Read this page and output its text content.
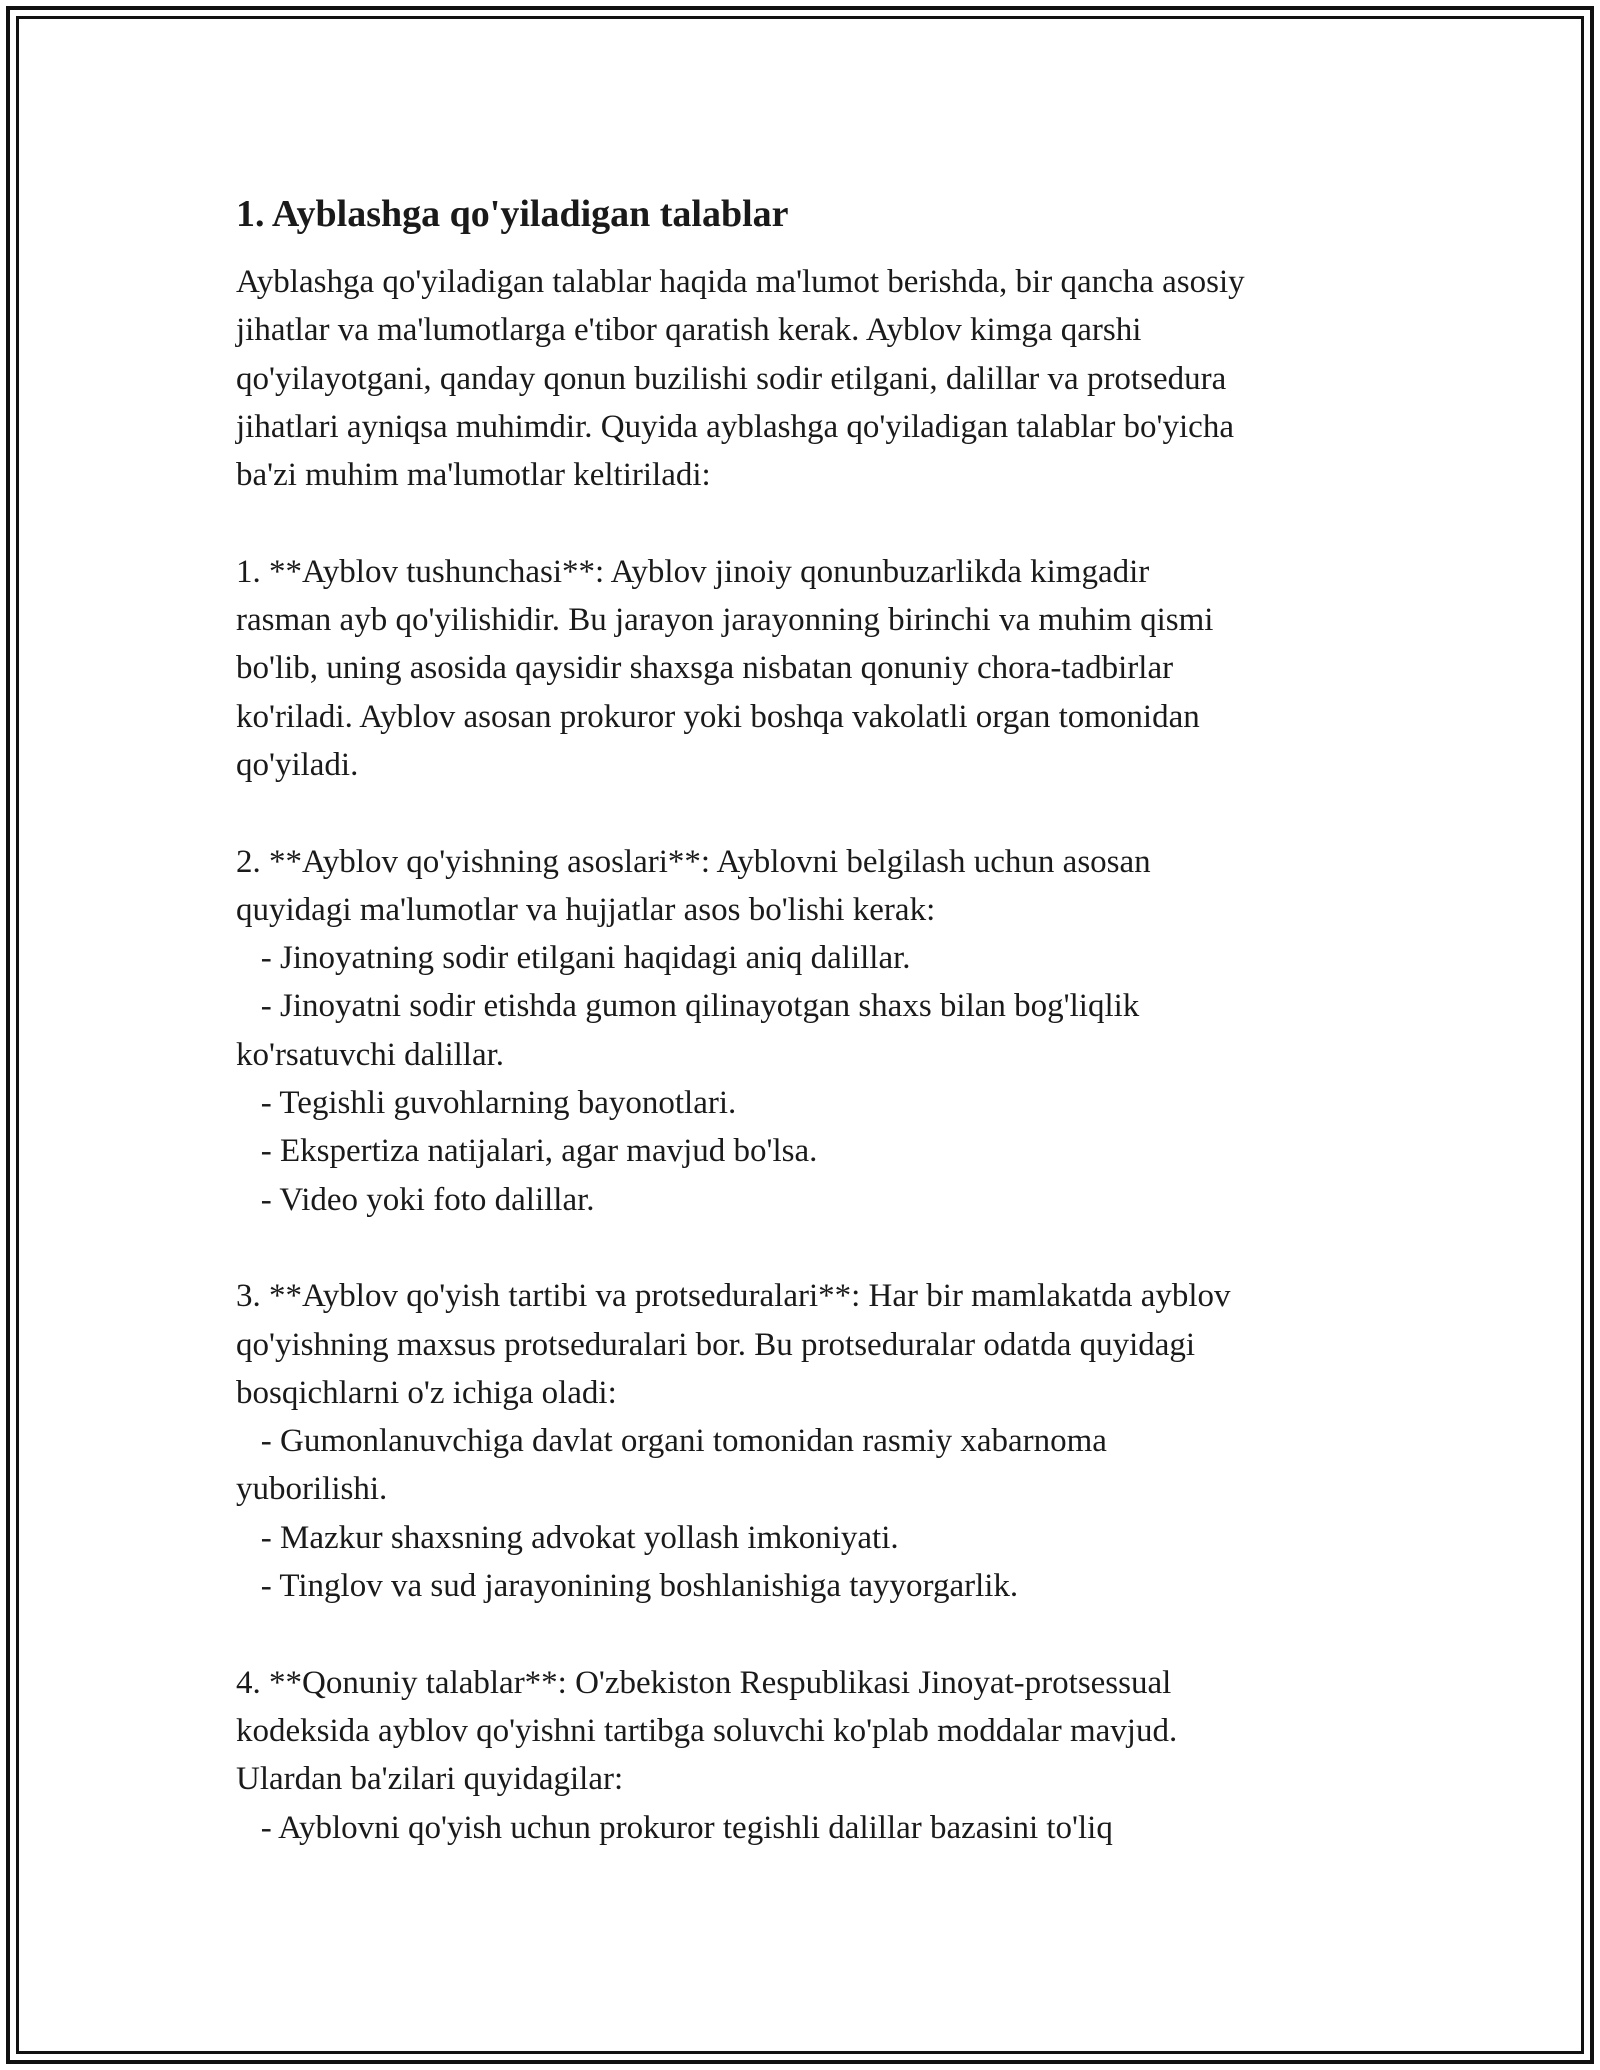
1. Ayblashga qo'yiladigan talablar

Ayblashga qo'yiladigan talablar haqida ma'lumot berishda, bir qancha asosiy
jihatlar va ma'lumotlarga e'tibor qaratish kerak. Ayblov kimga qarshi
qo'yilayotgani, qanday qonun buzilishi sodir etilgani, dalillar va protsedura
jihatlari ayniqsa muhimdir. Quyida ayblashga qo'yiladigan talablar bo'yicha
ba'zi muhim ma'lumotlar keltiriladi:

1. **Ayblov tushunchasi**: Ayblov jinoiy qonunbuzarlikda kimgadir
rasman ayb qo'yilishidir. Bu jarayon jarayonning birinchi va muhim qismi
bo'lib, uning asosida qaysidir shaxsga nisbatan qonuniy chora-tadbirlar
ko'riladi. Ayblov asosan prokuror yoki boshqa vakolatli organ tomonidan
qo'yiladi.

2. **Ayblov qo'yishning asoslari**: Ayblovni belgilash uchun asosan
quyidagi ma'lumotlar va hujjatlar asos bo'lishi kerak:
- Jinoyatning sodir etilgani haqidagi aniq dalillar.
- Jinoyatni sodir etishda gumon qilinayotgan shaxs bilan bog'liqlik
ko'rsatuvchi dalillar.
- Tegishli guvohlarning bayonotlari.
- Ekspertiza natijalari, agar mavjud bo'lsa.
- Video yoki foto dalillar.

3. **Ayblov qo'yish tartibi va protseduralari**: Har bir mamlakatda ayblov
qo'yishning maxsus protseduralari bor. Bu protseduralar odatda quyidagi
bosqichlarni o'z ichiga oladi:
- Gumonlanuvchiga davlat organi tomonidan rasmiy xabarnoma
yuborilishi.
- Mazkur shaxsning advokat yollash imkoniyati.
- Tinglov va sud jarayonining boshlanishiga tayyorgarlik.

4. **Qonuniy talablar**: O'zbekiston Respublikasi Jinoyat-protsessual
kodeksida ayblov qo'yishni tartibga soluvchi ko'plab moddalar mavjud.
Ulardan ba'zilari quyidagilar:
- Ayblovni qo'yish uchun prokuror tegishli dalillar bazasini to'liq
